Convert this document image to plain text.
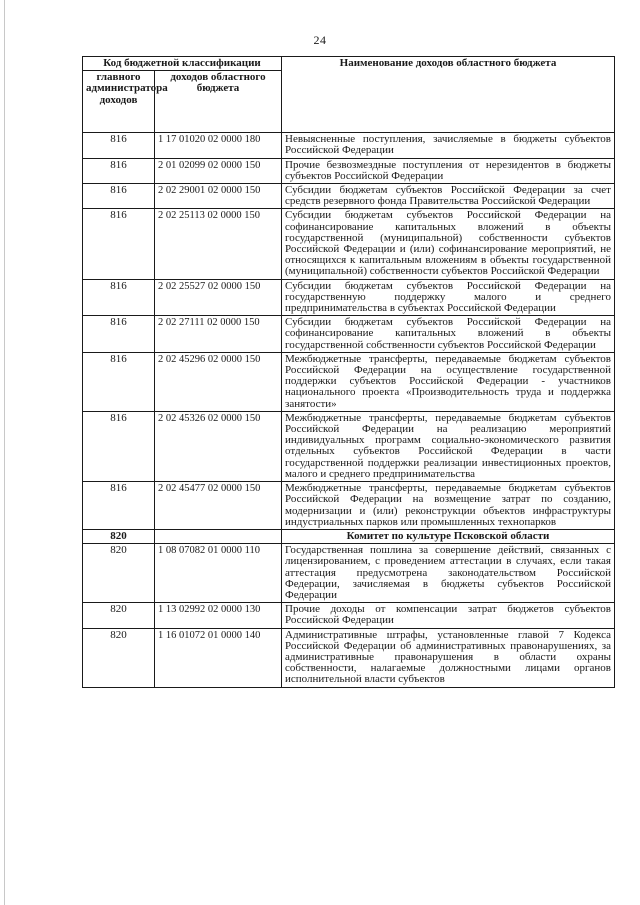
24
Код бюджетной классификации		Наименование доходов областного бюджета
главного администратора доходов	доходов областного бюджета	
816	1 17 01020 02 0000 180	Невыясненные поступления, зачисляемые в бюджеты субъектов Российской Федерации
816	2 01 02099 02 0000 150	Прочие безвозмездные поступления от нерезидентов в бюджеты субъектов Российской Федерации
816	2 02 29001 02 0000 150	Субсидии бюджетам субъектов Российской Федерации за счет средств резервного фонда Правительства Российской Федерации
816	2 02 25113 02 0000 150	Субсидии бюджетам субъектов Российской Федерации на софинансирование капитальных вложений в объекты государственной (муниципальной) собственности субъектов Российской Федерации и (или) софинансирование мероприятий, не относящихся к капитальным вложениям в объекты государственной (муниципальной) собственности субъектов Российской Федерации
816	2 02 25527 02 0000 150	Субсидии бюджетам субъектов Российской Федерации на государственную поддержку малого и среднего предпринимательства в субъектах Российской Федерации
816	2 02 27111 02 0000 150	Субсидии бюджетам субъектов Российской Федерации на софинансирование капитальных вложений в объекты государственной собственности субъектов Российской Федерации
816	2 02 45296 02 0000 150	Межбюджетные трансферты, передаваемые бюджетам субъектов Российской Федерации на осуществление государственной поддержки субъектов Российской Федерации - участников национального проекта «Производительность труда и поддержка занятости»
816	2 02 45326 02 0000 150	Межбюджетные трансферты, передаваемые бюджетам субъектов Российской Федерации на реализацию мероприятий индивидуальных программ социально-экономического развития отдельных субъектов Российской Федерации в части государственной поддержки реализации инвестиционных проектов, малого и среднего предпринимательства
816	2 02 45477 02 0000 150	Межбюджетные трансферты, передаваемые бюджетам субъектов Российской Федерации на возмещение затрат по созданию, модернизации и (или) реконструкции объектов инфраструктуры индустриальных парков или промышленных технопарков
820		Комитет по культуре Псковской области
820	1 08 07082 01 0000 110	Государственная пошлина за совершение действий, связанных с лицензированием, с проведением аттестации в случаях, если такая аттестация предусмотрена законодательством Российской Федерации, зачисляемая в бюджеты субъектов Российской Федерации
820	1 13 02992 02 0000 130	Прочие доходы от компенсации затрат бюджетов субъектов Российской Федерации
820	1 16 01072 01 0000 140	Административные штрафы, установленные главой 7 Кодекса Российской Федерации об административных правонарушениях, за административные правонарушения в области охраны собственности, налагаемые должностными лицами органов исполнительной власти субъектов
